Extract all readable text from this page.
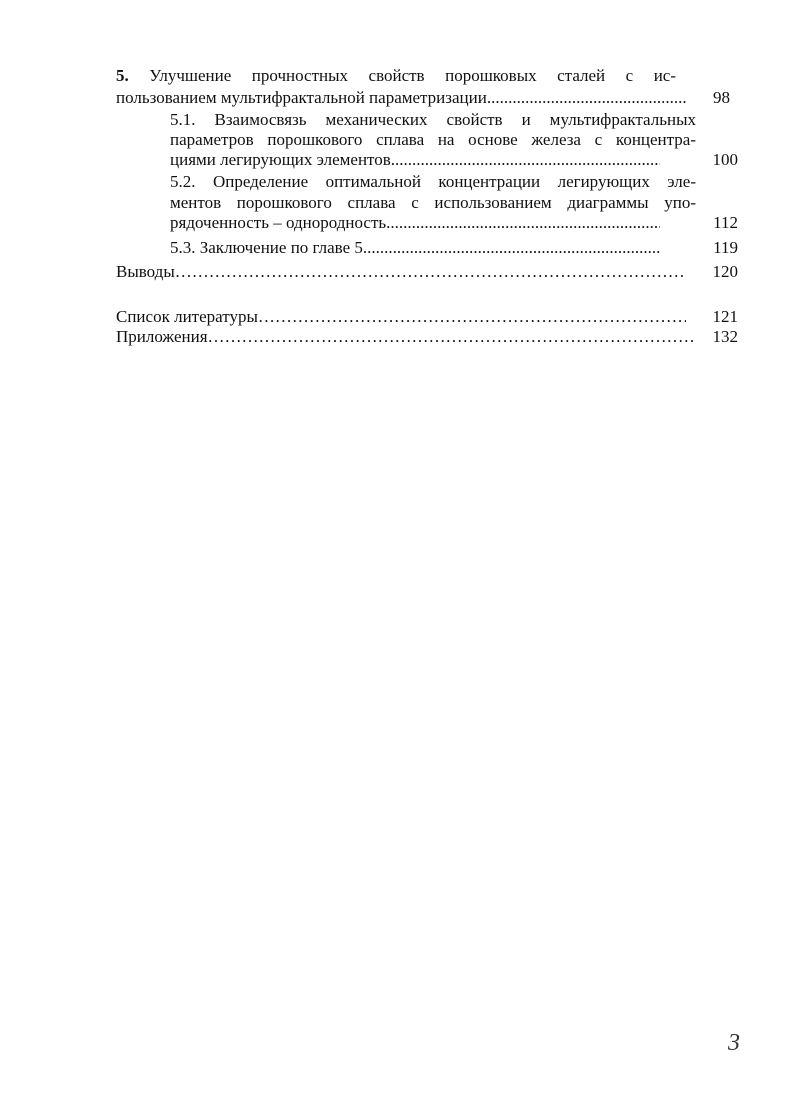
5. Улучшение прочностных свойств порошковых сталей с ис-
пользованием мультифрактальной параметризации .....	98
5.1. Взаимосвязь механических свойств и мультифрактальных
параметров порошкового сплава на основе железа с концентра-
циями легирующих элементов .....	100
5.2. Определение оптимальной концентрации легирующих эле-
ментов порошкового сплава с использованием диаграммы упо-
рядоченность – однородность .....	112
5.3. Заключение по главе 5 .....	119
Выводы ……………………………………………………………………………………………………	120
Список литературы ……………………………………………………………………………………………………	121
Приложения ……………………………………………………………………………………………………	132
3
